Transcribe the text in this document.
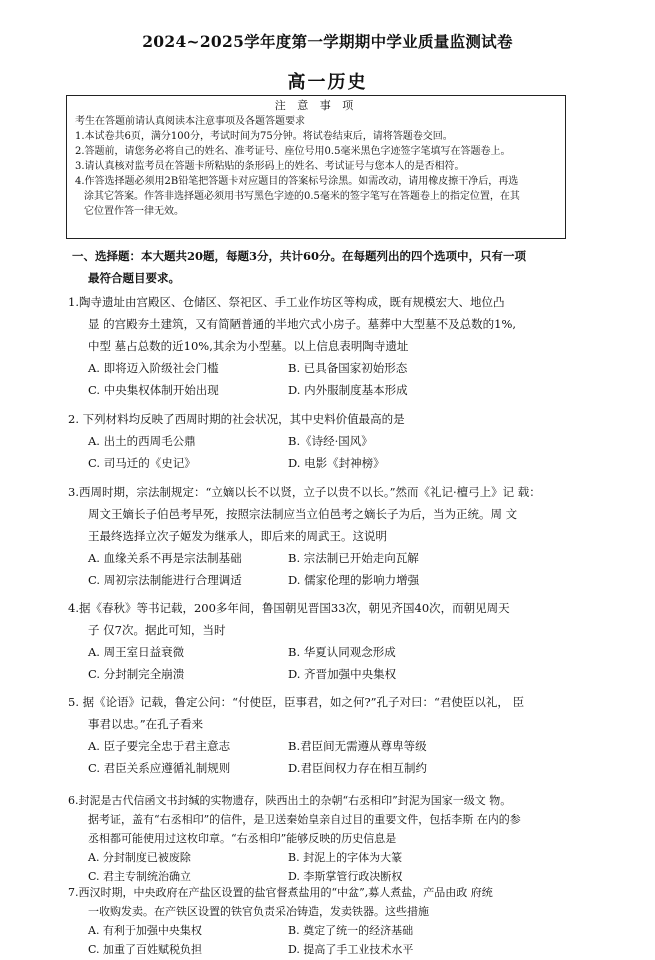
2024~2025学年度第一学期期中学业质量监测试卷
高一历史
注 意 事 项
考生在答题前请认真阅读本注意事项及各题答题要求
1.本试卷共6页，满分100分，考试时间为75分钟。将试卷结束后，请将答题卷交回。
2.答题前，请您务必将自己的姓名、准考证号、座位号用0.5毫米黑色字迹签字笔填写在答题卷上。
3.请认真核对监考员在答题卡所粘贴的条形码上的姓名、考试证号与您本人的是否相符。
4.作答选择题必须用2B铅笔把答题卡对应题目的答案标号涂黑。如需改动，请用橡皮擦干净后，再选
涂其它答案。作答非选择题必须用书写黑色字迹的0.5毫米的签字笔写在答题卷上的指定位置，在其
它位置作答一律无效。
一、选择题：本大题共20题，每题3分，共计60分。在每题列出的四个选项中，只有一项
最符合题目要求。
1.陶寺遗址由宫殿区、仓储区、祭祀区、手工业作坊区等构成，既有规模宏大、地位凸
显 的宫殿夯土建筑，又有简陋普通的半地穴式小房子。墓葬中大型墓不及总数的1%,
中型 墓占总数的近10%,其余为小型墓。以上信息表明陶寺遗址
A. 即将迈入阶级社会门槛	B. 已具备国家初始形态
C. 中央集权体制开始出现	D. 内外服制度基本形成
2. 下列材料均反映了西周时期的社会状况，其中史料价值最高的是
A. 出土的西周毛公鼎	B.《诗经·国风》
C. 司马迁的《史记》	D. 电影《封神榜》
3.西周时期，宗法制规定：“立嫡以长不以贤，立子以贵不以长。”然而《礼记·檀弓上》记 载：
周文王嫡长子伯邑考早死，按照宗法制应当立伯邑考之嫡长子为后，当为正统。周 文
王最终选择立次子姬发为继承人，即后来的周武王。这说明
A. 血缘关系不再是宗法制基础	B. 宗法制已开始走向瓦解
C. 周初宗法制能进行合理调适	D. 儒家伦理的影响力增强
4.据《春秋》等书记载，200多年间，鲁国朝见晋国33次，朝见齐国40次，而朝见周天
子 仅7次。据此可知，当时
A. 周王室日益衰微	B. 华夏认同观念形成
C. 分封制完全崩溃	D. 齐晋加强中央集权
5. 据《论语》记载，鲁定公问：“付使臣，臣事君，如之何?”孔子对曰：“君使臣以礼， 臣
事君以忠。”在孔子看来
A. 臣子要完全忠于君主意志	B.君臣间无需遵从尊卑等级
C. 君臣关系应遵循礼制规则	D.君臣间权力存在相互制约
6.封泥是古代信函文书封缄的实物遗存，陕西出土的杂朝“右丞相印”封泥为国家一级文 物。
据考证，盖有“右丞相印”的信件，是卫送秦始皇亲自过目的重要文件，包括李斯 在内的参
丞相都可能使用过这枚印章。“右丞相印”能够反映的历史信息是
A. 分封制度已被废除	B. 封泥上的字体为大篆
C. 君主专制统治确立	D. 李斯掌管行政决断权
7.西汉时期，中央政府在产盐区设置的盐官督煮盐用的“中盆”,募人煮盐，产品由政 府统
一收购发卖。在产铁区设置的铁官负责采冶铸造，发卖铁器。这些措施
A. 有利于加强中央集权	B. 奠定了统一的经济基础
C. 加重了百姓赋税负担	D. 提高了手工业技术水平
